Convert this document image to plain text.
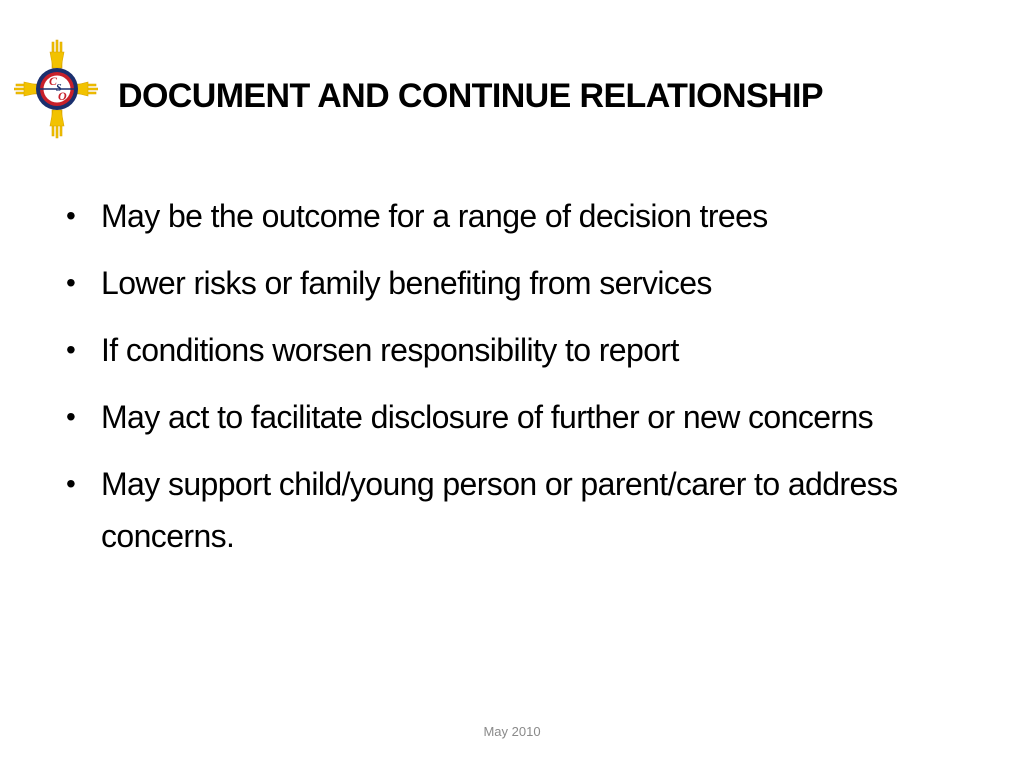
C
S
O DOCUMENT AND CONTINUE RELATIONSHIP
• May be the outcome for a range of decision trees
• Lower risks or family benefiting from services
• If conditions worsen responsibility to report
• May act to facilitate disclosure of further or new concerns
• May support child/young person or parent/carer to address concerns.
May 2010
